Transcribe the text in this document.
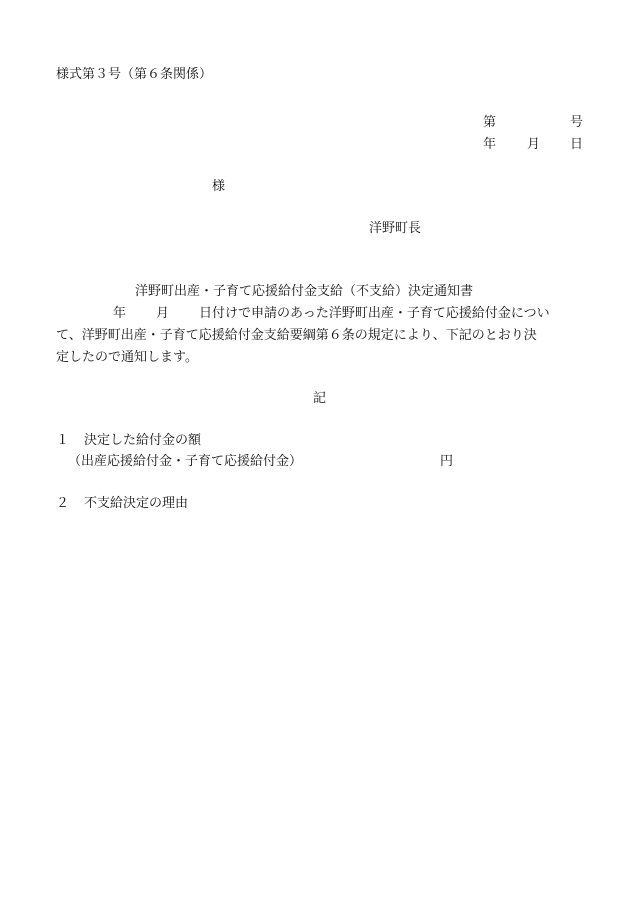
様式第３号（第６条関係）
第	号
年 月 日
様
洋野町長
洋野町出産・子育て応援給付金支給（不支給）決定通知書
年 月 日付けで申請のあった洋野町出産・子育て応援給付金につい
て、洋野町出産・子育て応援給付金支給要綱第６条の規定により、下記のとおり決
定したので通知します。
記
１ 決定した給付金の額
（出産応援給付金・子育て応援給付金）	円
２ 不支給決定の理由
